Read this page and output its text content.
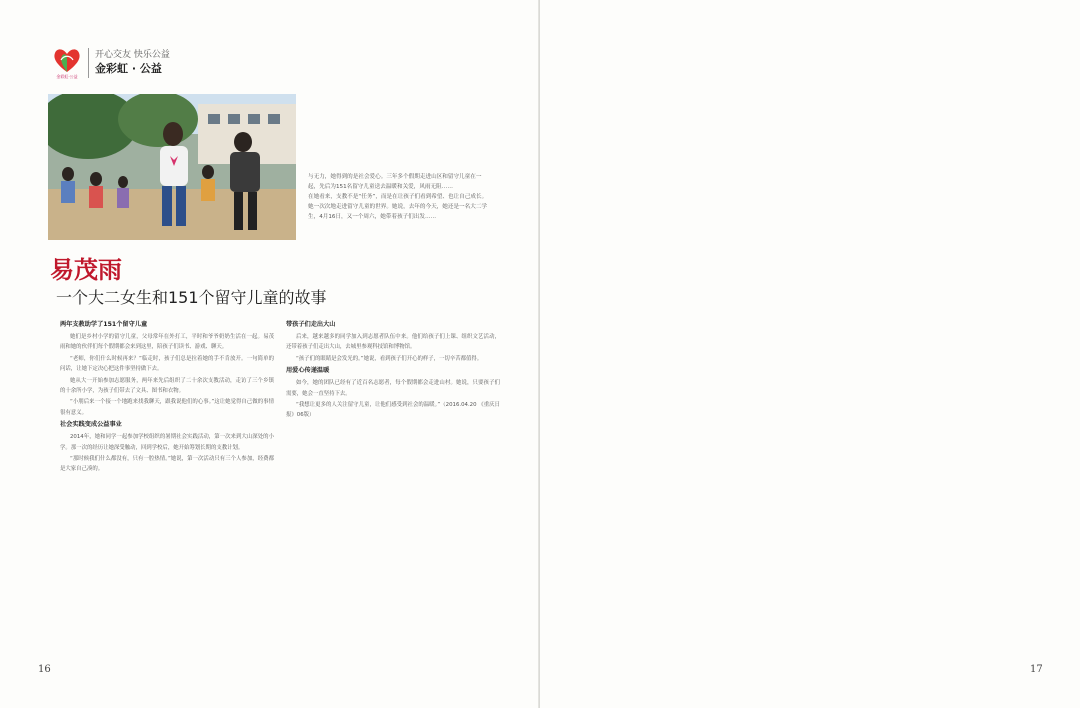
金彩虹·公益
开心交友 快乐公益
金彩虹 · 公益

与无力，她得到的是社会爱心。三年多个假期走进山区和留守儿童在一起，先后为151名留守儿童送去温暖和关爱，风雨无阻……

在她看来，支教不是“任务”，而是在让孩子们看到希望、也让自己成长。她一次次地走进留守儿童的世界。她说，去年的今天，她还是一名大二学生，4月16日，又一个周六，她带着孩子们出发……

易茂雨
一个大二女生和151个留守儿童的故事
两年支教助学了151个留守儿童

她们是乡村小学的留守儿童，父母常年在外打工，平时和爷爷奶奶生活在一起。易茂雨和她的伙伴们每个假期都会来到这里，陪孩子们读书、游戏、聊天。

“老师，你们什么时候再来？”临走时，孩子们总是拉着她的手不肯放开。一句简单的问话，让她下定决心把这件事坚持做下去。

她从大一开始参加志愿服务，两年来先后组织了二十余次支教活动，走访了三个乡镇的十余所小学，为孩子们带去了文具、图书和衣物。

“小朋后来一个接一个地跑来找我聊天，跟我说他们的心事。”这让她觉得自己做的事情很有意义。

社会实践变成公益事业

2014年，她和同学一起参加学校组织的暑期社会实践活动，第一次来到大山深处的小学。那一次的经历让她深受触动，回到学校后，她开始筹划长期的支教计划。

“那时候我们什么都没有，只有一腔热情。”她说，第一次活动只有三个人参加，经费都是大家自己凑的。

带孩子们走出大山

后来，越来越多的同学加入到志愿者队伍中来。他们给孩子们上课、组织文艺活动，还带着孩子们走出大山，去城里参观科技馆和博物馆。

“孩子们的眼睛是会发光的。”她说，看到孩子们开心的样子，一切辛苦都值得。

用爱心传递温暖

如今，她的团队已经有了近百名志愿者，每个假期都会走进山村。她说，只要孩子们需要，她会一直坚持下去。

“我想让更多的人关注留守儿童，让他们感受到社会的温暖。”（2016.04.20 《重庆日报》06版）

16	17
